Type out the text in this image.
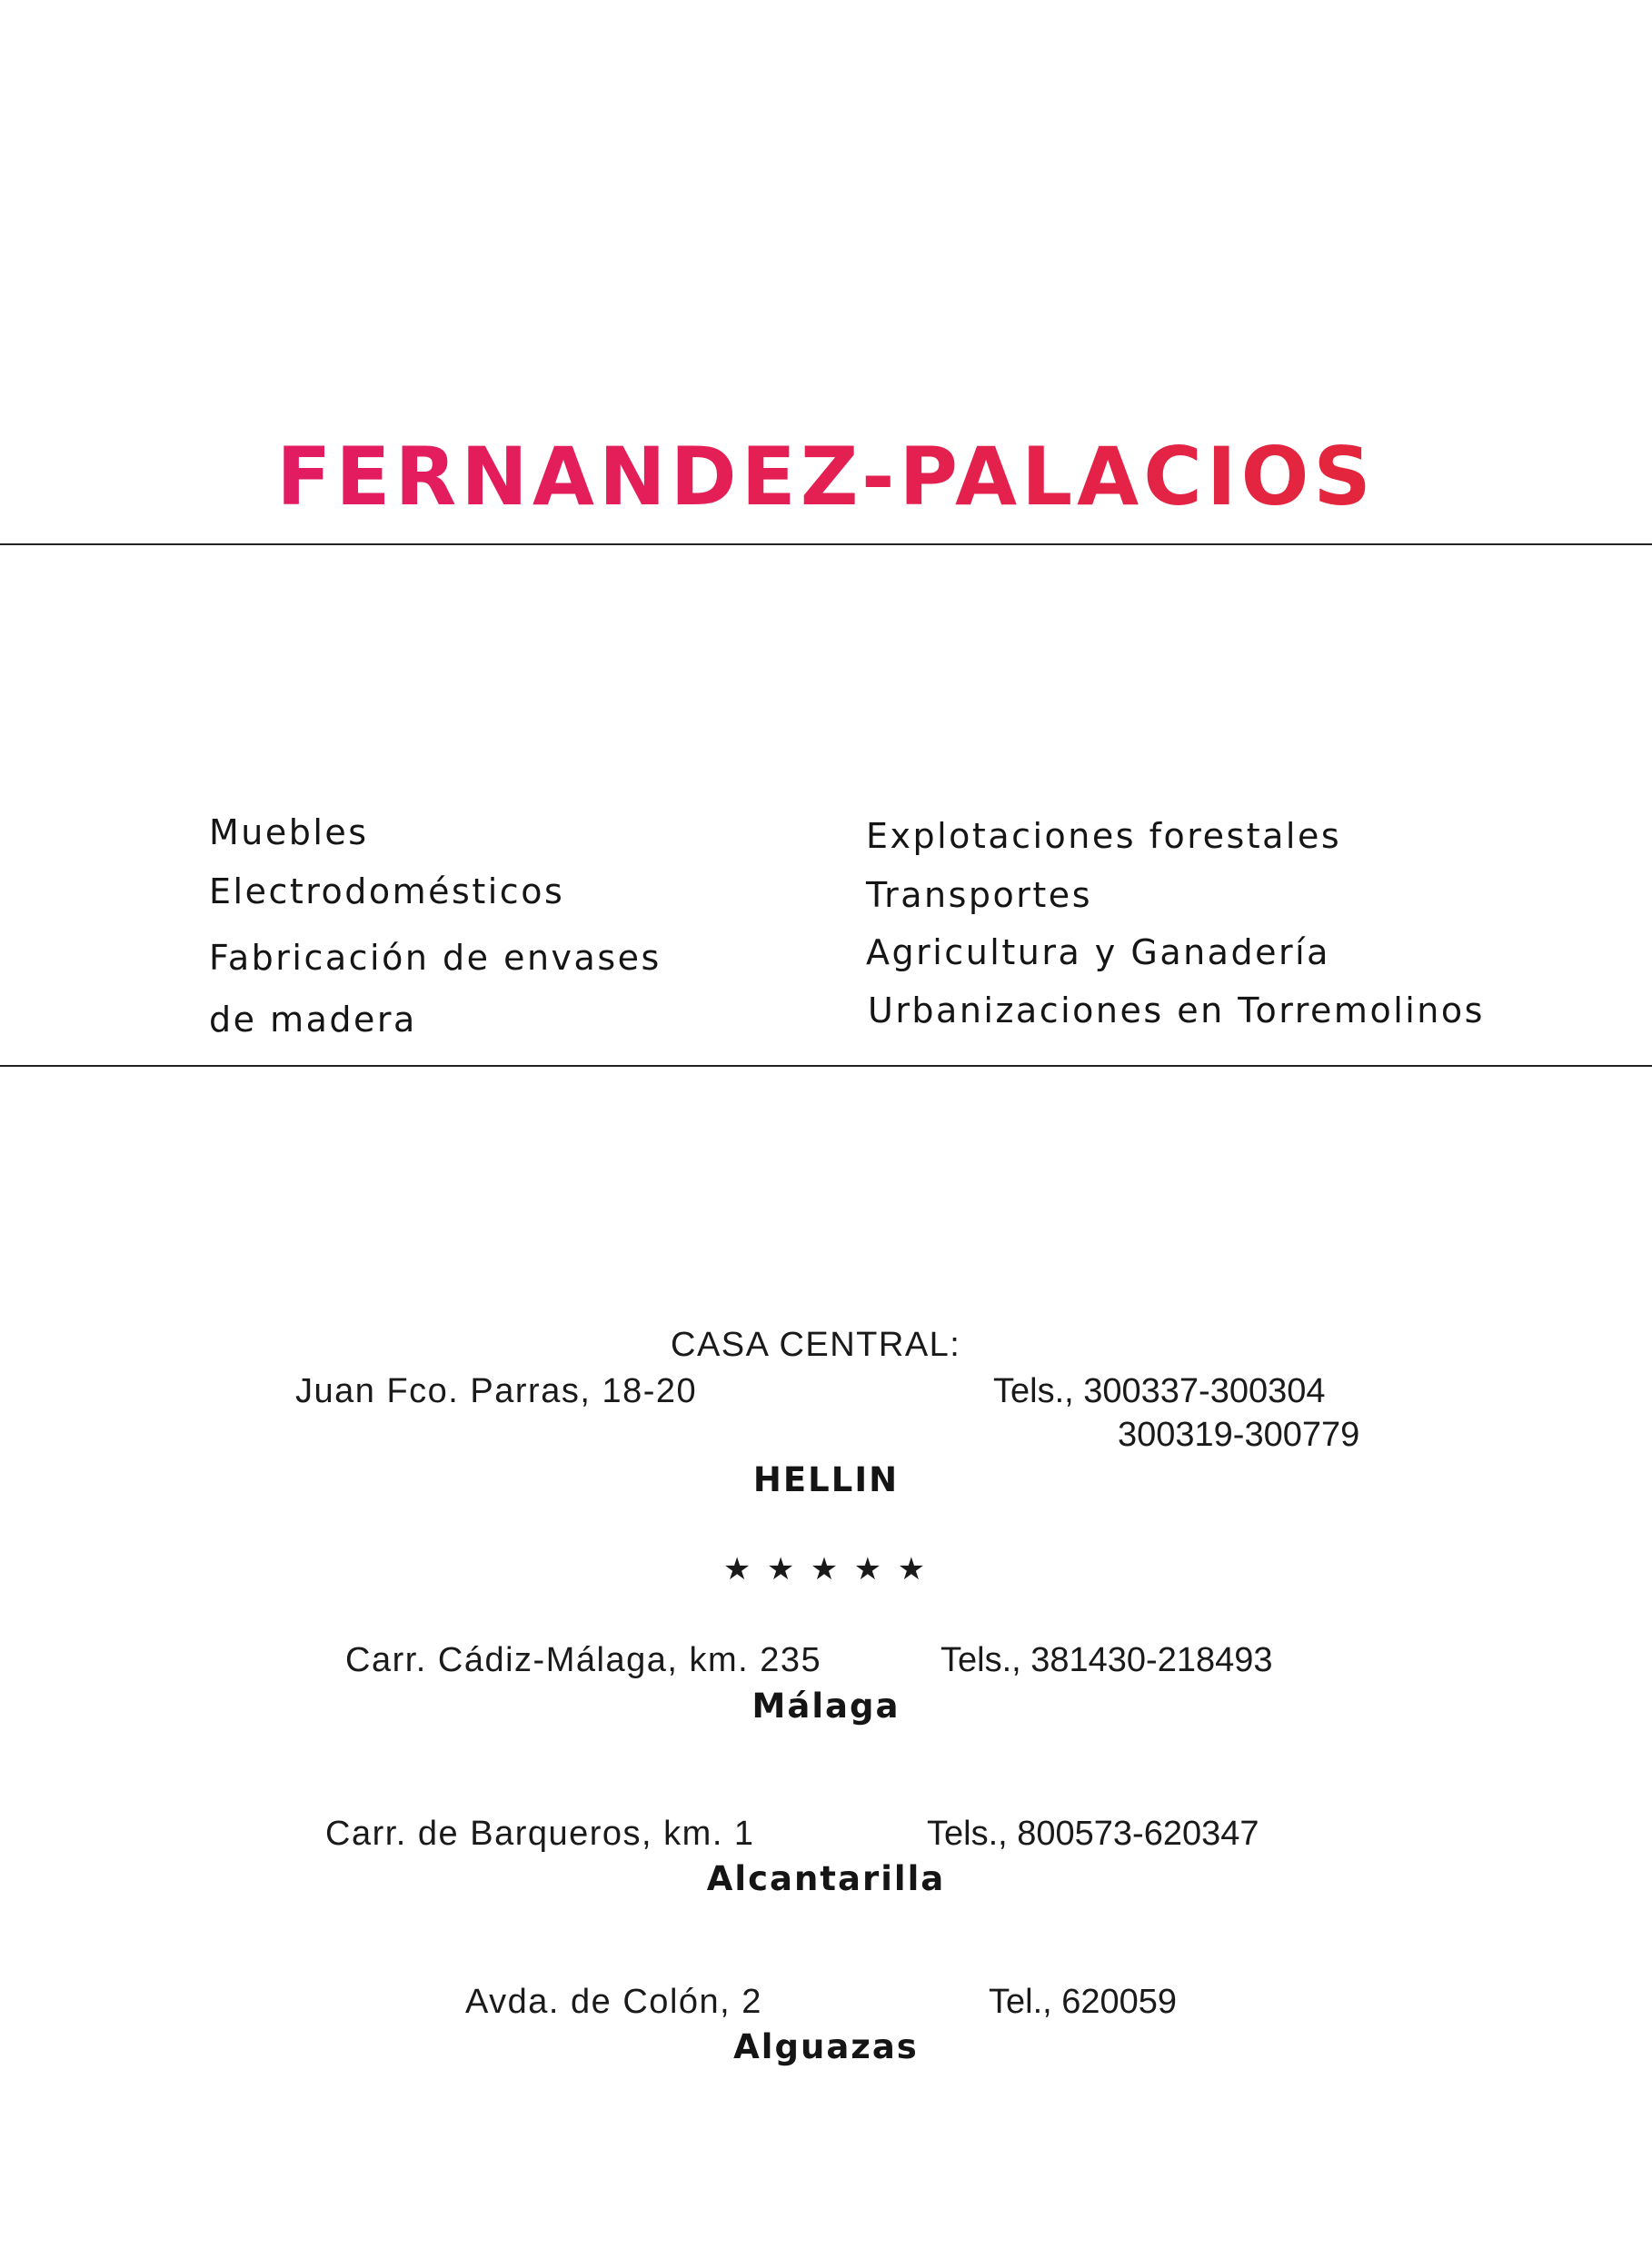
FERNANDEZ-PALACIOS
Muebles
Electrodomésticos
Fabricación de envases
de madera
Explotaciones forestales
Transportes
Agricultura y Ganadería
Urbanizaciones en Torremolinos
CASA CENTRAL:
Juan Fco. Parras, 18-20	Tels., 300337-300304
300319-300779
HELLIN
★ ★ ★ ★ ★
Carr. Cádiz-Málaga, km. 235	Tels., 381430-218493
Málaga
Carr. de Barqueros, km. 1	Tels., 800573-620347
Alcantarilla
Avda. de Colón, 2	Tel., 620059
Alguazas
